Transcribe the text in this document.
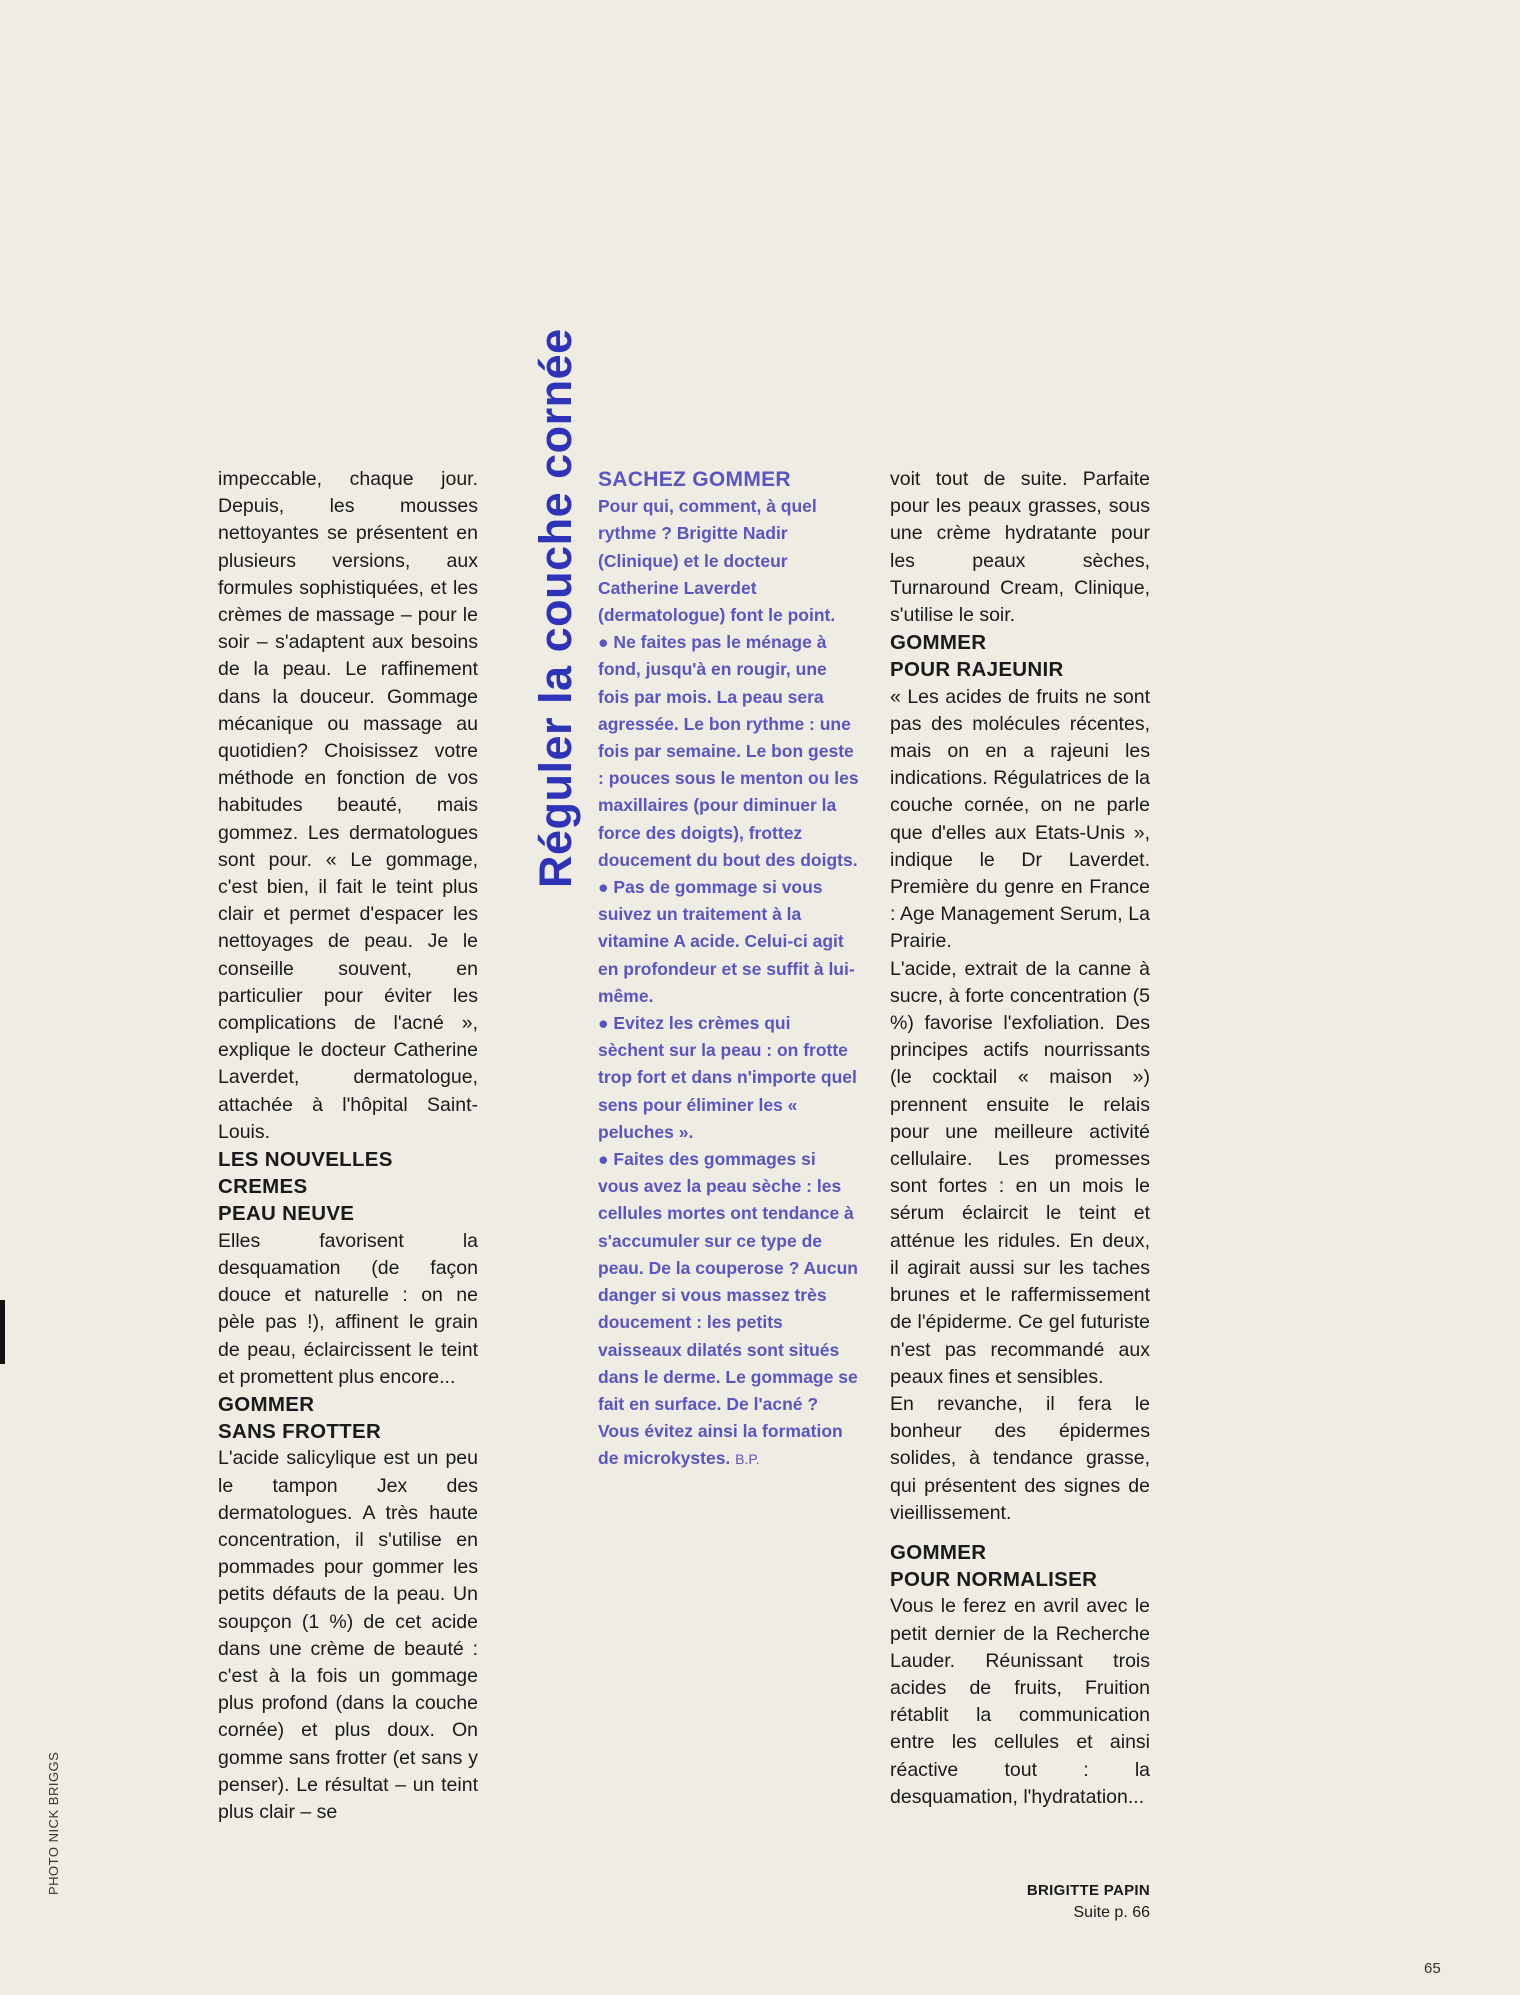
Réguler la couche cornée

impeccable, chaque jour. Depuis, les mousses nettoyantes se présentent en plusieurs versions, aux formules sophistiquées, et les crèmes de massage – pour le soir – s'adaptent aux besoins de la peau. Le raffinement dans la douceur. Gommage mécanique ou massage au quotidien? Choisissez votre méthode en fonction de vos habitudes beauté, mais gommez. Les dermatologues sont pour. « Le gommage, c'est bien, il fait le teint plus clair et permet d'espacer les nettoyages de peau. Je le conseille souvent, en particulier pour éviter les complications de l'acné », explique le docteur Catherine Laverdet, dermatologue, attachée à l'hôpital Saint-Louis.

LES NOUVELLES
CREMES
PEAU NEUVE

Elles favorisent la desquamation (de façon douce et naturelle : on ne pèle pas !), affinent le grain de peau, éclaircissent le teint et promettent plus encore...

GOMMER
SANS FROTTER

L'acide salicylique est un peu le tampon Jex des dermatologues. A très haute concentration, il s'utilise en pommades pour gommer les petits défauts de la peau. Un soupçon (1 %) de cet acide dans une crème de beauté : c'est à la fois un gommage plus profond (dans la couche cornée) et plus doux. On gomme sans frotter (et sans y penser). Le résultat – un teint plus clair – se

SACHEZ GOMMER

Pour qui, comment, à quel rythme ? Brigitte Nadir (Clinique) et le docteur Catherine Laverdet (dermatologue) font le point.

● Ne faites pas le ménage à fond, jusqu'à en rougir, une fois par mois. La peau sera agressée. Le bon rythme : une fois par semaine. Le bon geste : pouces sous le menton ou les maxillaires (pour diminuer la force des doigts), frottez doucement du bout des doigts.

● Pas de gommage si vous suivez un traitement à la vitamine A acide. Celui-ci agit en profondeur et se suffit à lui-même.

● Evitez les crèmes qui sèchent sur la peau : on frotte trop fort et dans n'importe quel sens pour éliminer les « peluches ».

● Faites des gommages si vous avez la peau sèche : les cellules mortes ont tendance à s'accumuler sur ce type de peau. De la couperose ? Aucun danger si vous massez très doucement : les petits vaisseaux dilatés sont situés dans le derme. Le gommage se fait en surface. De l'acné ? Vous évitez ainsi la formation de microkystes. B.P.

voit tout de suite. Parfaite pour les peaux grasses, sous une crème hydratante pour les peaux sèches, Turnaround Cream, Clinique, s'utilise le soir.

GOMMER
POUR RAJEUNIR

« Les acides de fruits ne sont pas des molécules récentes, mais on en a rajeuni les indications. Régulatrices de la couche cornée, on ne parle que d'elles aux Etats-Unis », indique le Dr Laverdet. Première du genre en France : Age Management Serum, La Prairie.

L'acide, extrait de la canne à sucre, à forte concentration (5 %) favorise l'exfoliation. Des principes actifs nourrissants (le cocktail « maison ») prennent ensuite le relais pour une meilleure activité cellulaire. Les promesses sont fortes : en un mois le sérum éclaircit le teint et atténue les ridules. En deux, il agirait aussi sur les taches brunes et le raffermissement de l'épiderme. Ce gel futuriste n'est pas recommandé aux peaux fines et sensibles.

En revanche, il fera le bonheur des épidermes solides, à tendance grasse, qui présentent des signes de vieillissement.

GOMMER
POUR NORMALISER

Vous le ferez en avril avec le petit dernier de la Recherche Lauder. Réunissant trois acides de fruits, Fruition rétablit la communication entre les cellules et ainsi réactive tout : la desquamation, l'hydratation...

BRIGITTE PAPIN
Suite p. 66
PHOTO NICK BRIGGS
65
